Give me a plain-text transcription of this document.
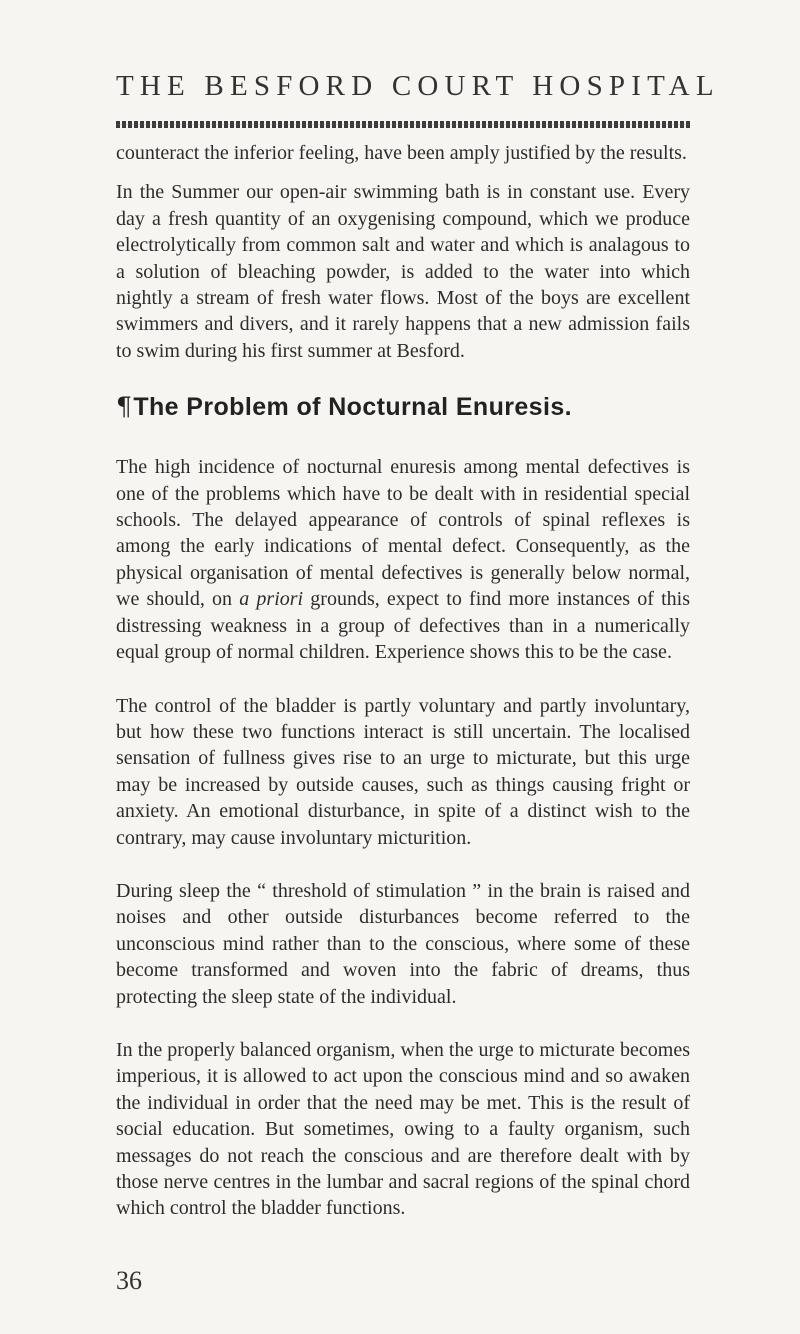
THE BESFORD COURT HOSPITAL

counteract the inferior feeling, have been amply justified by the results.

In the Summer our open-air swimming bath is in constant use. Every day a fresh quantity of an oxygenising compound, which we produce electrolytically from common salt and water and which is analagous to a solution of bleaching powder, is added to the water into which nightly a stream of fresh water flows. Most of the boys are excellent swimmers and divers, and it rarely happens that a new admission fails to swim during his first summer at Besford.

¶The Problem of Nocturnal Enuresis.

The high incidence of nocturnal enuresis among mental defectives is one of the problems which have to be dealt with in residential special schools. The delayed appearance of controls of spinal reflexes is among the early indications of mental defect. Consequently, as the physical organisation of mental defectives is generally below normal, we should, on a priori grounds, expect to find more instances of this distressing weakness in a group of defectives than in a numerically equal group of normal children. Experience shows this to be the case.

The control of the bladder is partly voluntary and partly involuntary, but how these two functions interact is still uncertain. The localised sensation of fullness gives rise to an urge to micturate, but this urge may be increased by outside causes, such as things causing fright or anxiety. An emotional disturbance, in spite of a distinct wish to the contrary, may cause involuntary micturition.

During sleep the “ threshold of stimulation ” in the brain is raised and noises and other outside disturbances become referred to the unconscious mind rather than to the conscious, where some of these become transformed and woven into the fabric of dreams, thus protecting the sleep state of the individual.

In the properly balanced organism, when the urge to micturate becomes imperious, it is allowed to act upon the conscious mind and so awaken the individual in order that the need may be met. This is the result of social education. But sometimes, owing to a faulty organism, such messages do not reach the conscious and are therefore dealt with by those nerve centres in the lumbar and sacral regions of the spinal chord which control the bladder functions.

36
